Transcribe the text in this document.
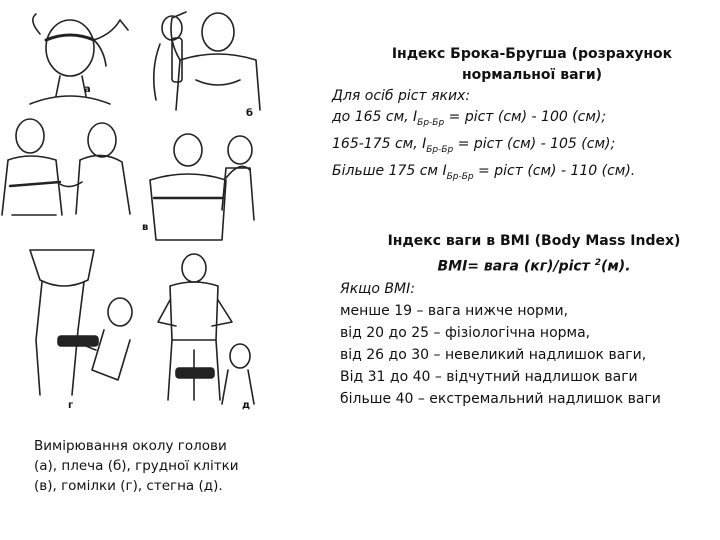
а
б
в
г	д
Вимірювання околу голови
(а), плеча (б), грудної клітки
(в), гомілки (г), стегна (д).
Індекс Брока-Бругша (розрахунок
нормальної ваги)
Для осіб ріст яких:
до 165 см, $I_{Бр-Бр}$ = ріст (см) - 100 (см);
165-175 см, $I_{Бр-Бр}$ = ріст (см) - 105 (см);
Більше 175 см $I_{Бр-Бр}$ = ріст (см) - 110 (см).
Індекс ваги в BMI (Body Mass Index)
BMI= вага (кг)/ріст $^2$(м).
Якщо BMI:
менше 19 – вага нижче норми,
від 20 до 25 – фізіологічна норма,
від 26 до 30 – невеликий надлишок ваги,
Від 31 до 40 – відчутний надлишок ваги
більше 40 – екстремальний надлишок ваги
